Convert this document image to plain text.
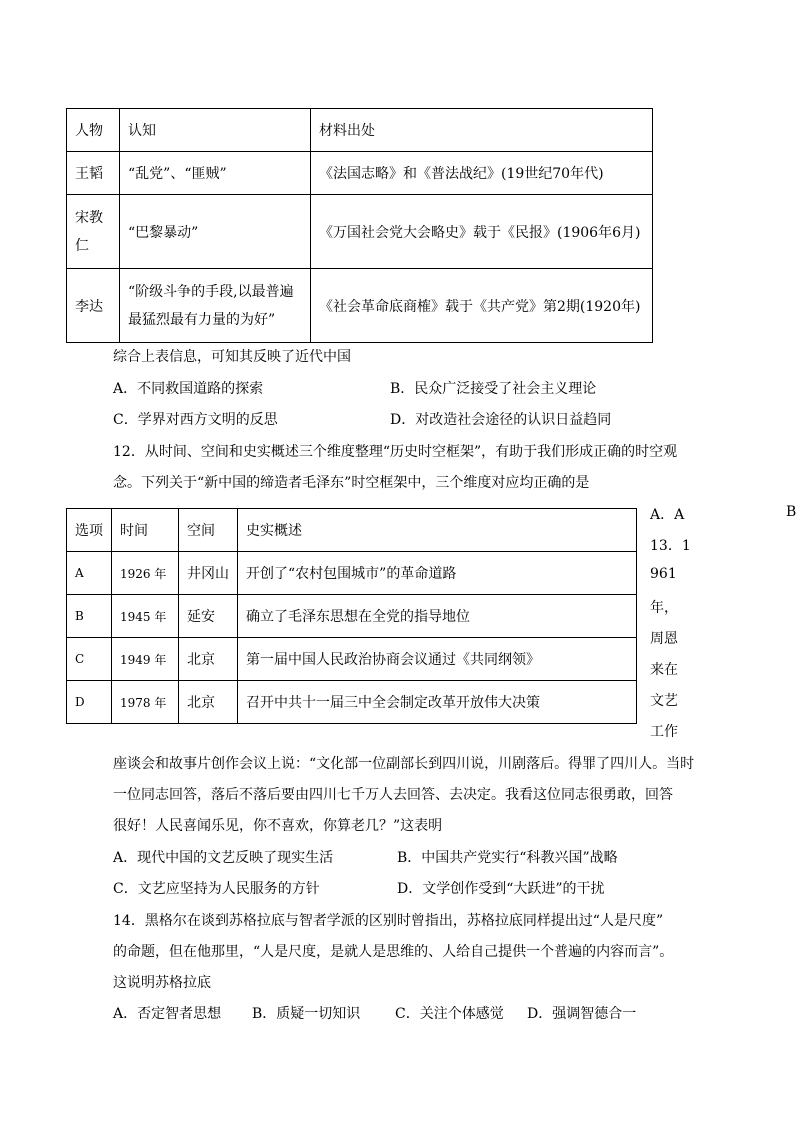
人物	认知	材料出处
王韬	“乱党”、“匪贼”	《法国志略》和《普法战纪》(19世纪70年代)
宋教
仁	“巴黎暴动”	《万国社会党大会略史》载于《民报》(1906年6月)
李达	“阶级斗争的手段,以最普遍
最猛烈最有力量的为好”	《社会革命底商榷》载于《共产党》第2期(1920年)
综合上表信息，可知其反映了近代中国
A．不同救国道路的探索	B．民众广泛接受了社会主义理论
C．学界对西方文明的反思	D．对改造社会途径的认识日益趋同
12．从时间、空间和史实概述三个维度整理“历史时空框架”，有助于我们形成正确的时空观
念。下列关于“新中国的缔造者毛泽东”时空框架中，三个维度对应均正确的是
A．A	B
选项	时间	空间	史实概述
A	1926 年	井冈山	开创了“农村包围城市”的革命道路
B	1945 年	延安	确立了毛泽东思想在全党的指导地位
C	1949 年	北京	第一届中国人民政治协商会议通过《共同纲领》
D	1978 年	北京	召开中共十一届三中全会制定改革开放伟大决策
13．1
961
年，
周恩
来在
文艺
工作
座谈会和故事片创作会议上说：“文化部一位副部长到四川说，川剧落后。得罪了四川人。当时
一位同志回答，落后不落后要由四川七千万人去回答、去决定。我看这位同志很勇敢，回答
很好！人民喜闻乐见，你不喜欢，你算老几？”这表明
A．现代中国的文艺反映了现实生活	B．中国共产党实行“科教兴国”战略
C．文艺应坚持为人民服务的方针	D．文学创作受到“大跃进”的干扰
14．黑格尔在谈到苏格拉底与智者学派的区别时曾指出，苏格拉底同样提出过“人是尺度”
的命题，但在他那里，“人是尺度，是就人是思维的、人给自己提供一个普遍的内容而言”。
这说明苏格拉底
A．否定智者思想 B．质疑一切知识 C．关注个体感觉 D．强调智德合一
